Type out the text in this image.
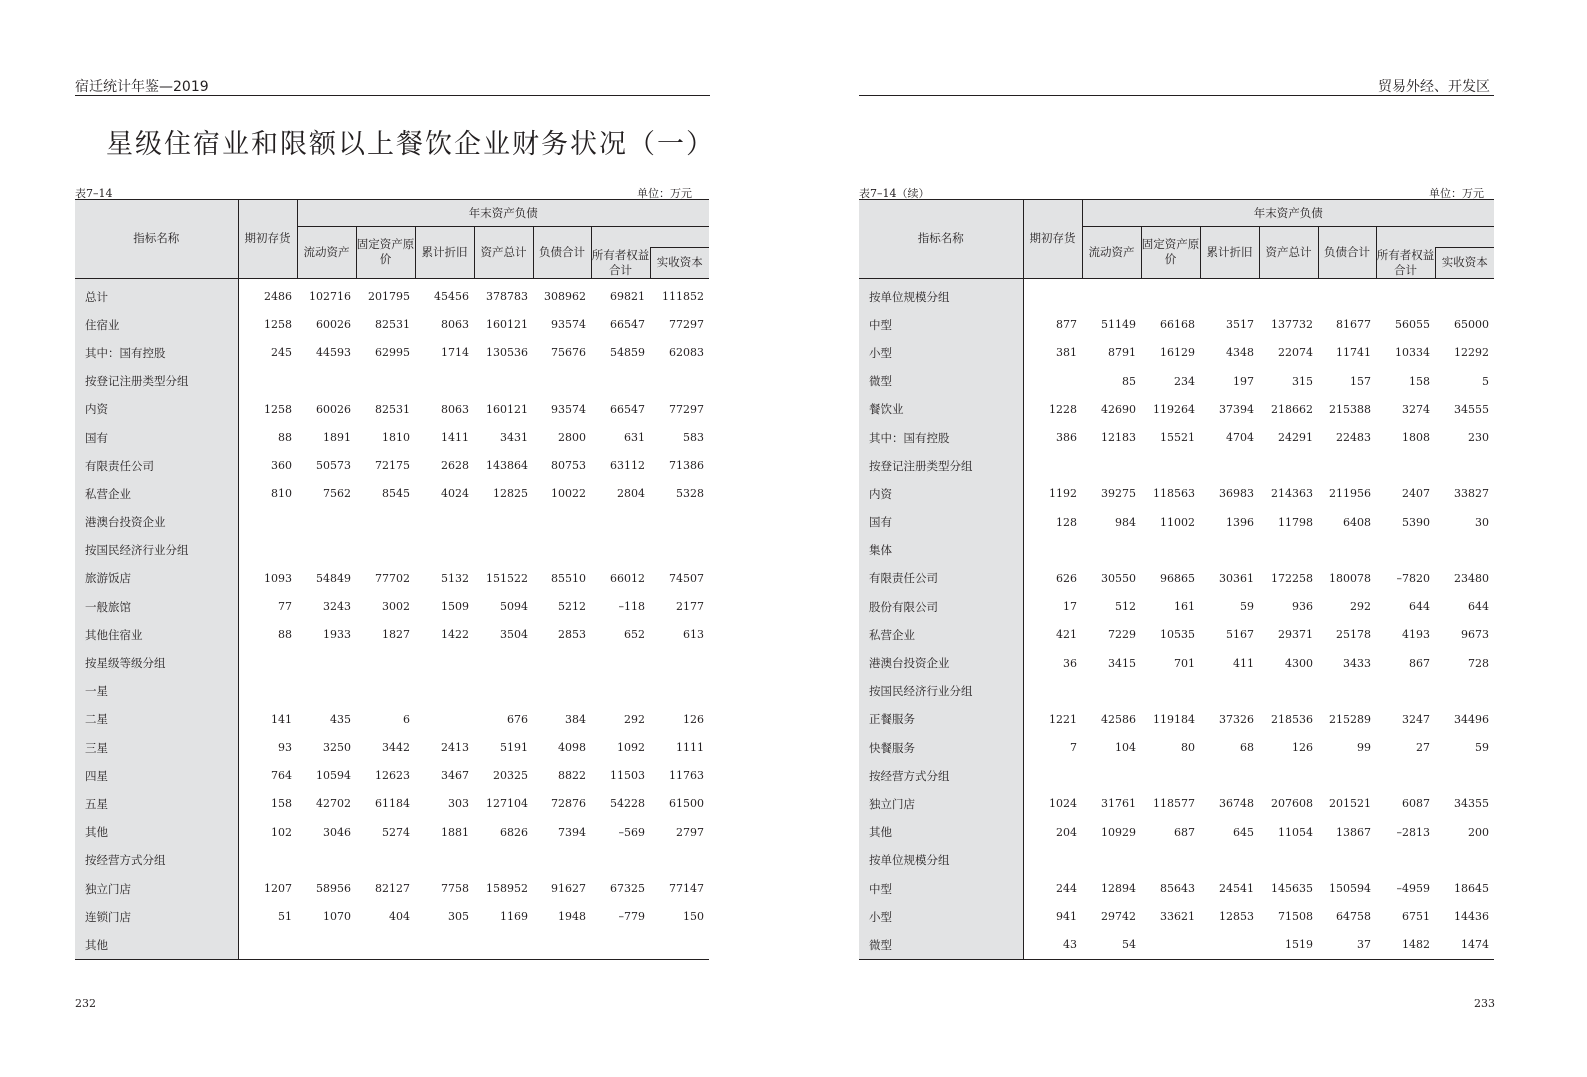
宿迁统计年鉴—2019
星级住宿业和限额以上餐饮企业财务状况（一）
表7–14	单位：万元
指标名称	期初存货	年末资产负债						
		流动资产	固定资产原价	累计折旧	资产总计	负债合计		
							所有者权益合计	实收资本
总计	2486	102716	201795	45456	378783	308962	69821	111852
住宿业	1258	60026	82531	8063	160121	93574	66547	77297
其中：国有控股	245	44593	62995	1714	130536	75676	54859	62083
按登记注册类型分组								
内资	1258	60026	82531	8063	160121	93574	66547	77297
国有	88	1891	1810	1411	3431	2800	631	583
有限责任公司	360	50573	72175	2628	143864	80753	63112	71386
私营企业	810	7562	8545	4024	12825	10022	2804	5328
港澳台投资企业								
按国民经济行业分组								
旅游饭店	1093	54849	77702	5132	151522	85510	66012	74507
一般旅馆	77	3243	3002	1509	5094	5212	–118	2177
其他住宿业	88	1933	1827	1422	3504	2853	652	613
按星级等级分组								
一星								
二星	141	435	6		676	384	292	126
三星	93	3250	3442	2413	5191	4098	1092	1111
四星	764	10594	12623	3467	20325	8822	11503	11763
五星	158	42702	61184	303	127104	72876	54228	61500
其他	102	3046	5274	1881	6826	7394	–569	2797
按经营方式分组								
独立门店	1207	58956	82127	7758	158952	91627	67325	77147
连锁门店	51	1070	404	305	1169	1948	–779	150
其他								
232
贸易外经、开发区
表7–14（续）	单位：万元
指标名称	期初存货	年末资产负债						
		流动资产	固定资产原价	累计折旧	资产总计	负债合计		
							所有者权益合计	实收资本
按单位规模分组								
中型	877	51149	66168	3517	137732	81677	56055	65000
小型	381	8791	16129	4348	22074	11741	10334	12292
微型		85	234	197	315	157	158	5
餐饮业	1228	42690	119264	37394	218662	215388	3274	34555
其中：国有控股	386	12183	15521	4704	24291	22483	1808	230
按登记注册类型分组								
内资	1192	39275	118563	36983	214363	211956	2407	33827
国有	128	984	11002	1396	11798	6408	5390	30
集体								
有限责任公司	626	30550	96865	30361	172258	180078	–7820	23480
股份有限公司	17	512	161	59	936	292	644	644
私营企业	421	7229	10535	5167	29371	25178	4193	9673
港澳台投资企业	36	3415	701	411	4300	3433	867	728
按国民经济行业分组								
正餐服务	1221	42586	119184	37326	218536	215289	3247	34496
快餐服务	7	104	80	68	126	99	27	59
按经营方式分组								
独立门店	1024	31761	118577	36748	207608	201521	6087	34355
其他	204	10929	687	645	11054	13867	–2813	200
按单位规模分组								
中型	244	12894	85643	24541	145635	150594	–4959	18645
小型	941	29742	33621	12853	71508	64758	6751	14436
微型	43	54			1519	37	1482	1474
233
